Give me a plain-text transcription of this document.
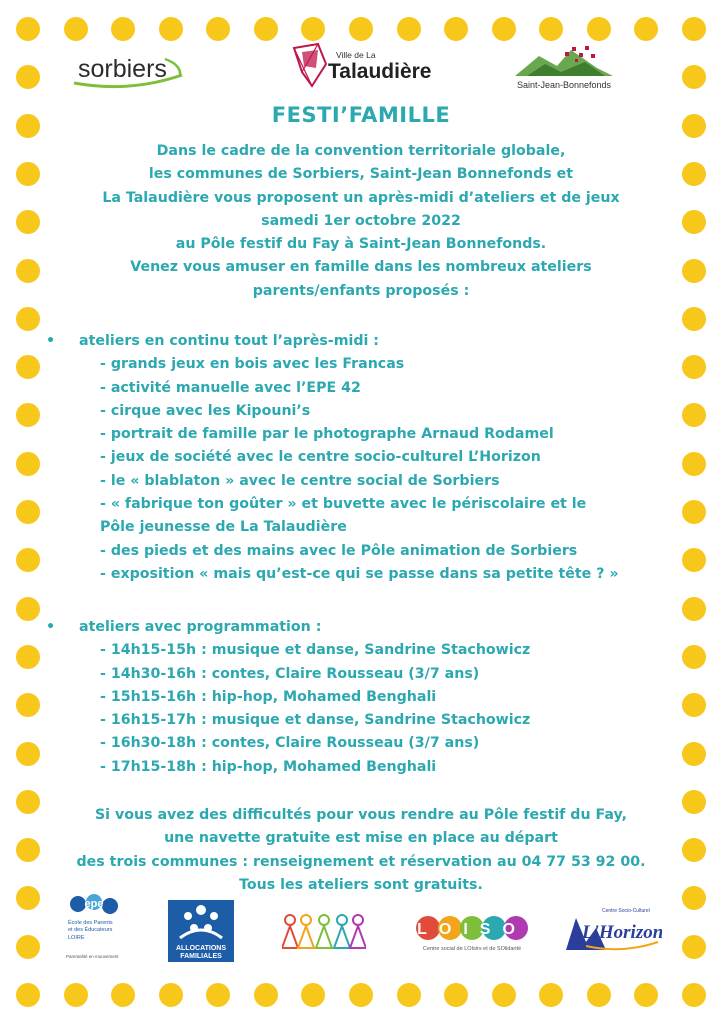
sorbiers	Ville de La
Talaudière
Saint-Jean-Bonnefonds
FESTI’FAMILLE
Dans le cadre de la convention territoriale globale,
les communes de Sorbiers, Saint-Jean Bonnefonds et
La Talaudière vous proposent un après-midi d’ateliers et de jeux
samedi 1er octobre 2022
au Pôle festif du Fay à Saint-Jean Bonnefonds.
Venez vous amuser en famille dans les nombreux ateliers
parents/enfants proposés :
• ateliers en continu tout l’après-midi :
- grands jeux en bois avec les Francas
- activité manuelle avec l’EPE 42
- cirque avec les Kipouni’s
- portrait de famille par le photographe Arnaud Rodamel
- jeux de société avec le centre socio-culturel L’Horizon
- le « blablaton » avec le centre social de Sorbiers
- « fabrique ton goûter » et buvette avec le périscolaire et le
Pôle jeunesse de La Talaudière
- des pieds et des mains avec le Pôle animation de Sorbiers
- exposition « mais qu’est-ce qui se passe dans sa petite tête ? »
• ateliers avec programmation :
- 14h15-15h : musique et danse, Sandrine Stachowicz
- 14h30-16h : contes, Claire Rousseau (3/7 ans)
- 15h15-16h : hip-hop, Mohamed Benghali
- 16h15-17h : musique et danse, Sandrine Stachowicz
- 16h30-18h : contes, Claire Rousseau (3/7 ans)
- 17h15-18h : hip-hop, Mohamed Benghali
Si vous avez des difficultés pour vous rendre au Pôle festif du Fay,
une navette gratuite est mise en place au départ
des trois communes : renseignement et réservation au 04 77 53 92 00.
Tous les ateliers sont gratuits.
epe
École des Parents
et des Éducateurs
LOIRE
Parentalité en mouvement
ALLOCATIONS
FAMILIALES
LOISO
Centre social de LOIsirs et de SOlidarité
Centre Socio-Culturel
L'Horizon
